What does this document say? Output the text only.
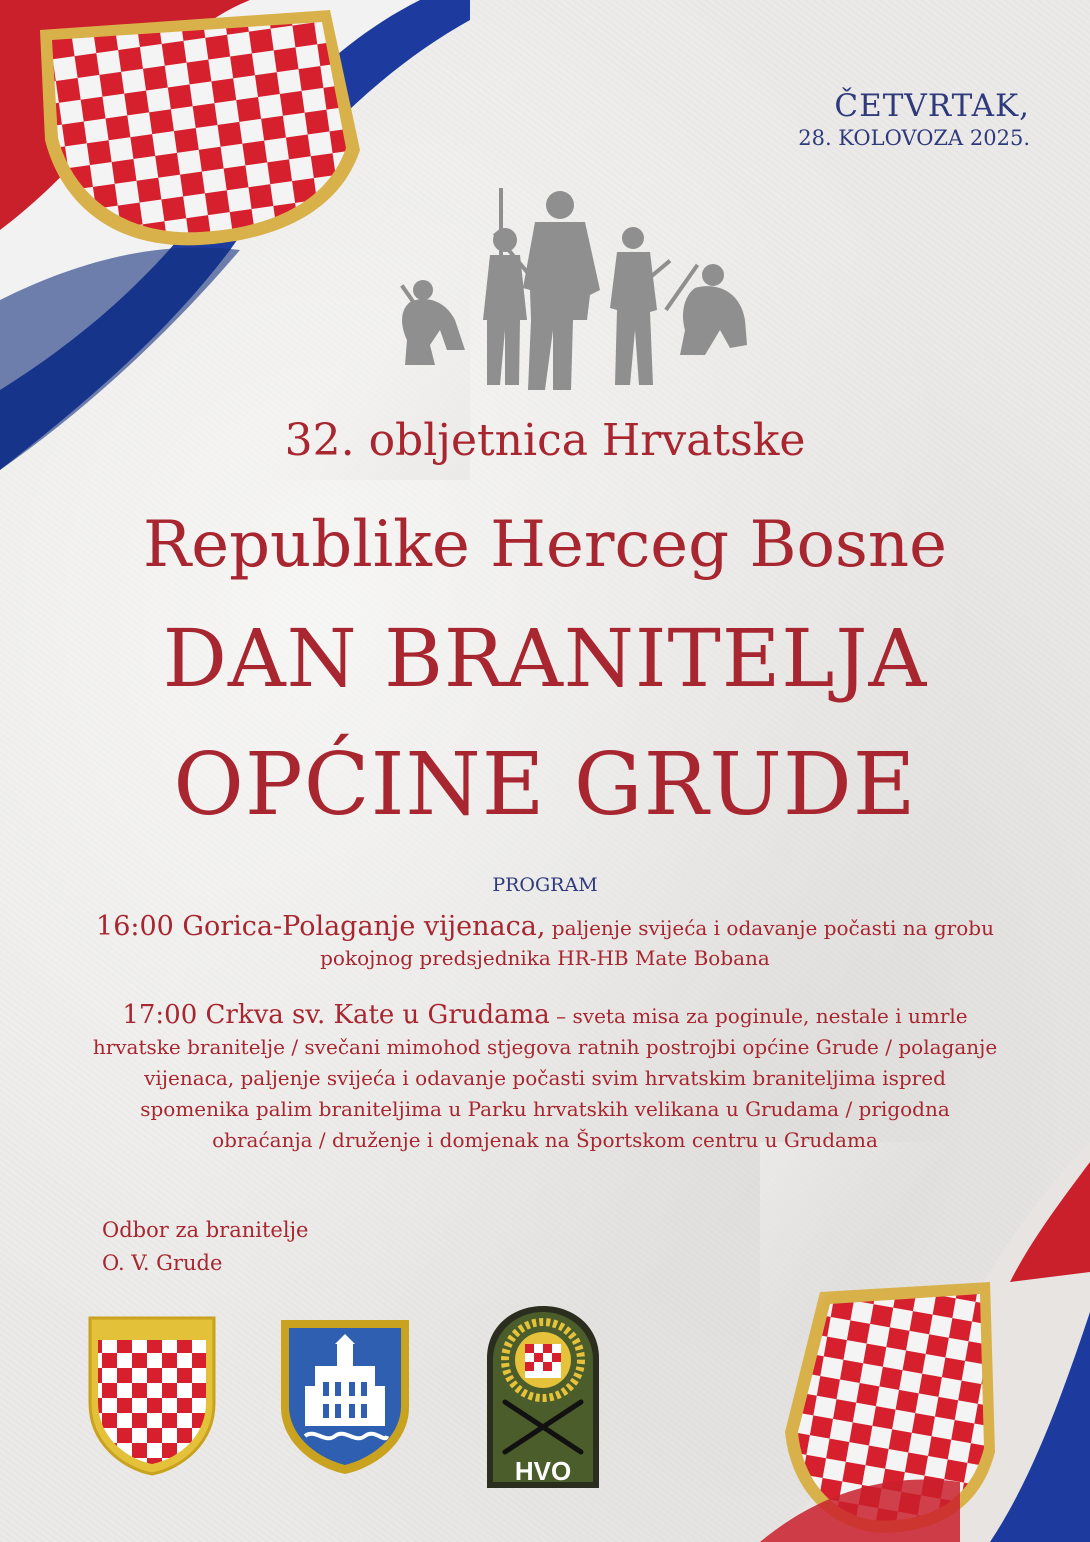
ČETVRTAK,
28. KOLOVOZA 2025.
32. obljetnica Hrvatske
Republike Herceg Bosne
DAN BRANITELJA
OPĆINE GRUDE
PROGRAM
16:00 Gorica-Polaganje vijenaca, paljenje svijeća i odavanje počasti na grobu
pokojnog predsjednika HR-HB Mate Bobana
17:00 Crkva sv. Kate u Grudama – sveta misa za poginule, nestale i umrle
hrvatske branitelje / svečani mimohod stjegova ratnih postrojbi općine Grude / polaganje
vijenaca, paljenje svijeća i odavanje počasti svim hrvatskim braniteljima ispred
spomenika palim braniteljima u Parku hrvatskih velikana u Grudama / prigodna
obraćanja / druženje i domjenak na Športskom centru u Grudama
Odbor za branitelje
O. V. Grude
HVO
